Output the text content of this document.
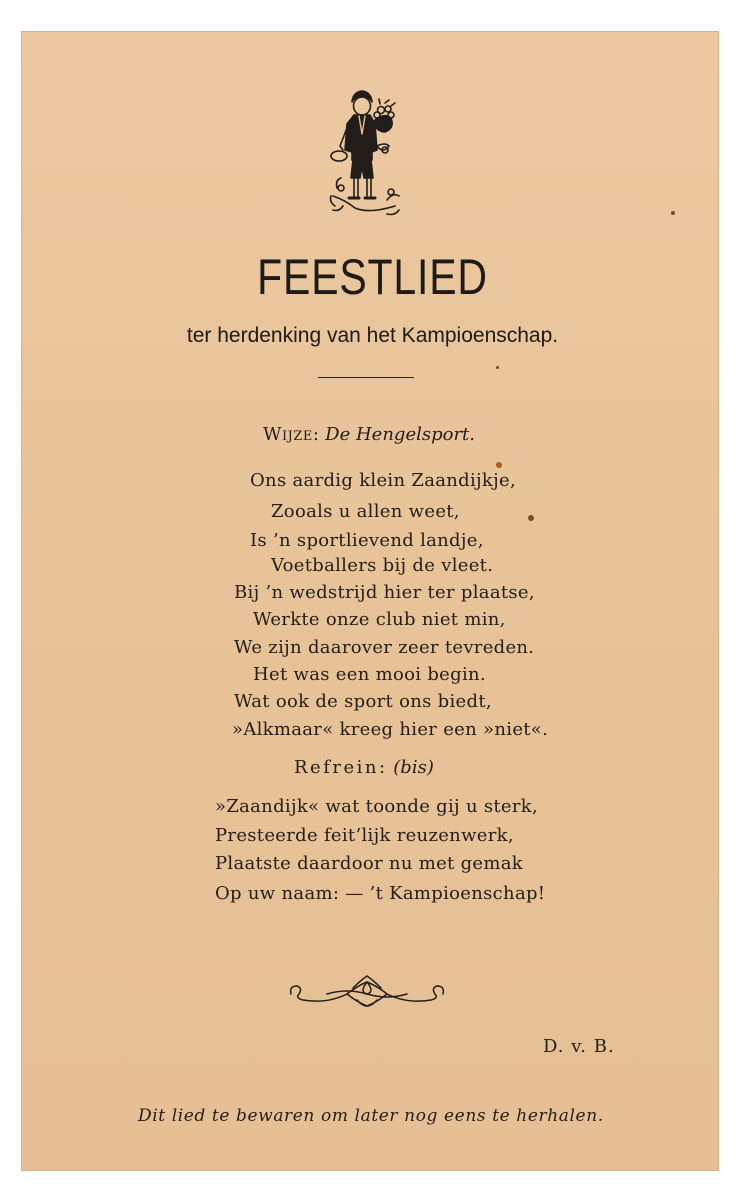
FEESTLIED
ter herdenking van het Kampioenschap.
Wijze: De Hengelsport.
Ons aardig klein Zaandijkje,
Zooals u allen weet,
Is ’n sportlievend landje,
Voetballers bij de vleet.
Bij ’n wedstrijd hier ter plaatse,
Werkte onze club niet min,
We zijn daarover zeer tevreden.
Het was een mooi begin.
Wat ook de sport ons biedt,
»Alkmaar« kreeg hier een »niet«.
Refrein: (bis)
»Zaandijk« wat toonde gij u sterk,
Presteerde feit’lijk reuzenwerk,
Plaatste daardoor nu met gemak
Op uw naam: — ’t Kampioenschap!
D. v. B.
Dit lied te bewaren om later nog eens te herhalen.
